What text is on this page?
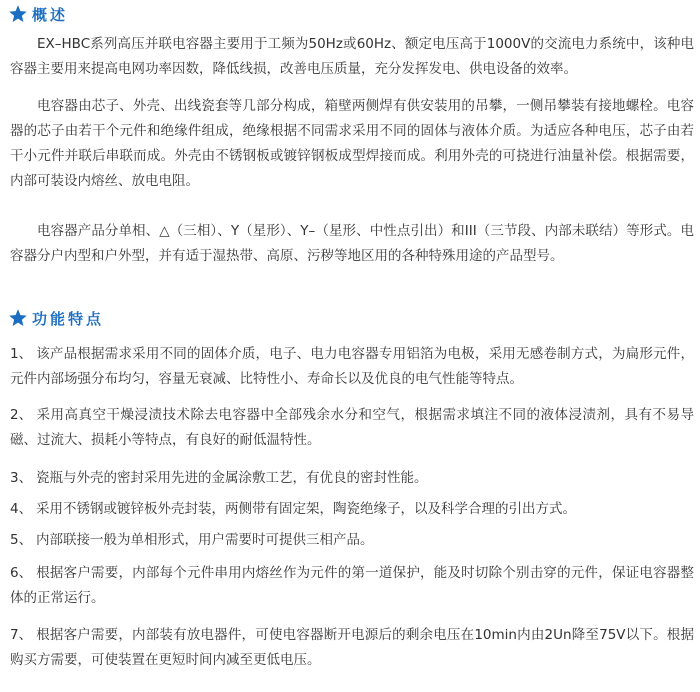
概述
EX–HBC系列高压并联电容器主要用于工频为50Hz或60Hz、额定电压高于1000V的交流电力系统中，该种电容器主要用来提高电网功率因数，降低线损，改善电压质量，充分发挥发电、供电设备的效率。
电容器由芯子、外壳、出线瓷套等几部分构成，箱壁两侧焊有供安装用的吊攀，一侧吊攀装有接地螺栓。电容器的芯子由若干个元件和绝缘件组成，绝缘根据不同需求采用不同的固体与液体介质。为适应各种电压，芯子由若干小元件并联后串联而成。外壳由不锈钢板或镀锌钢板成型焊接而成。利用外壳的可挠进行油量补偿。根据需要，内部可装设内熔丝、放电电阻。
电容器产品分单相、△（三相）、Y（星形）、Y–（星形、中性点引出）和III（三节段、内部未联结）等形式。电容器分户内型和户外型，并有适于湿热带、高原、污秽等地区用的各种特殊用途的产品型号。
功能特点
1、 该产品根据需求采用不同的固体介质，电子、电力电容器专用铝箔为电极，采用无感卷制方式，为扁形元件，元件内部场强分布均匀，容量无衰减、比特性小、寿命长以及优良的电气性能等特点。
2、 采用高真空干燥浸渍技术除去电容器中全部残余水分和空气，根据需求填注不同的液体浸渍剂，具有不易导磁、过流大、损耗小等特点，有良好的耐低温特性。
3、 瓷瓶与外壳的密封采用先进的金属涂敷工艺，有优良的密封性能。
4、 采用不锈钢或镀锌板外壳封装，两侧带有固定架，陶瓷绝缘子，以及科学合理的引出方式。
5、 内部联接一般为单相形式，用户需要时可提供三相产品。
6、 根据客户需要，内部每个元件串用内熔丝作为元件的第一道保护，能及时切除个别击穿的元件，保证电容器整体的正常运行。
7、 根据客户需要，内部装有放电器件，可使电容器断开电源后的剩余电压在10min内由2Un降至75V以下。根据购买方需要，可使装置在更短时间内减至更低电压。
